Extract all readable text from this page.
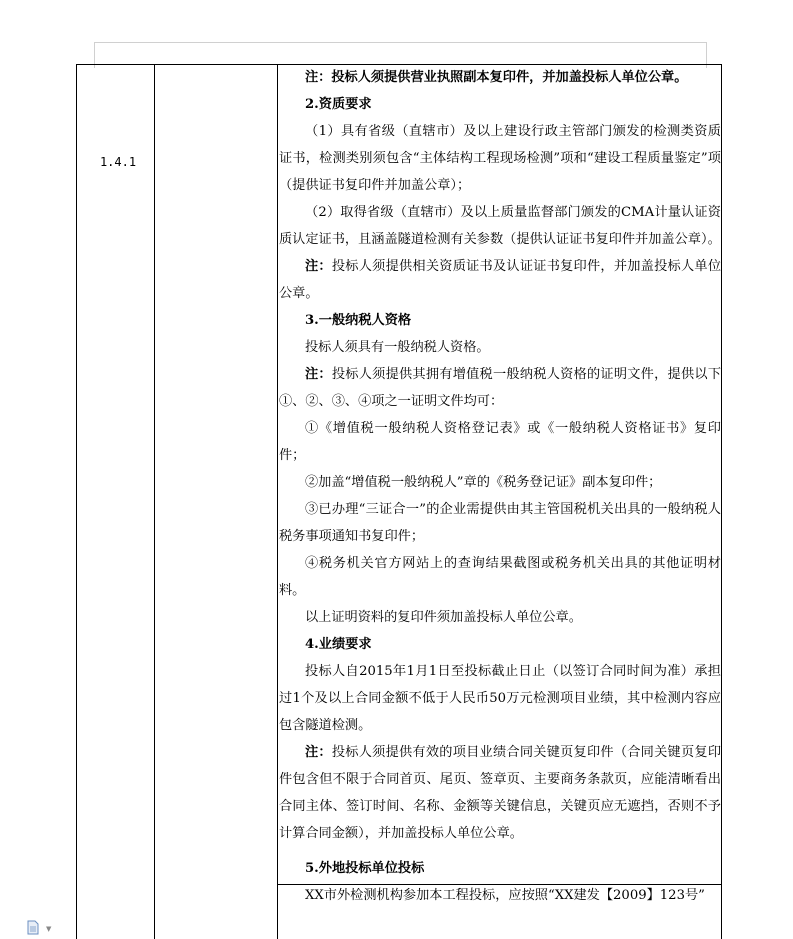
1.4.1

注：投标人须提供营业执照副本复印件，并加盖投标人单位公章。

2.资质要求

（1）具有省级（直辖市）及以上建设行政主管部门颁发的检测类资质证书，检测类别须包含“主体结构工程现场检测”项和“建设工程质量鉴定”项（提供证书复印件并加盖公章）；

（2）取得省级（直辖市）及以上质量监督部门颁发的CMA计量认证资质认定证书，且涵盖隧道检测有关参数（提供认证证书复印件并加盖公章）。

注：投标人须提供相关资质证书及认证证书复印件，并加盖投标人单位公章。

3.一般纳税人资格

投标人须具有一般纳税人资格。

注：投标人须提供其拥有增值税一般纳税人资格的证明文件，提供以下①、②、③、④项之一证明文件均可：

①《增值税一般纳税人资格登记表》或《一般纳税人资格证书》复印件；

②加盖“增值税一般纳税人”章的《税务登记证》副本复印件；

③已办理“三证合一”的企业需提供由其主管国税机关出具的一般纳税人税务事项通知书复印件；

④税务机关官方网站上的查询结果截图或税务机关出具的其他证明材料。

以上证明资料的复印件须加盖投标人单位公章。

4.业绩要求

投标人自2015年1月1日至投标截止日止（以签订合同时间为准）承担过1个及以上合同金额不低于人民币50万元检测项目业绩，其中检测内容应包含隧道检测。

注：投标人须提供有效的项目业绩合同关键页复印件（合同关键页复印件包含但不限于合同首页、尾页、签章页、主要商务条款页，应能清晰看出合同主体、签订时间、名称、金额等关键信息，关键页应无遮挡，否则不予计算合同金额），并加盖投标人单位公章。

5.外地投标单位投标

XX市外检测机构参加本工程投标，应按照“XX建发【2009】123号”

▼
